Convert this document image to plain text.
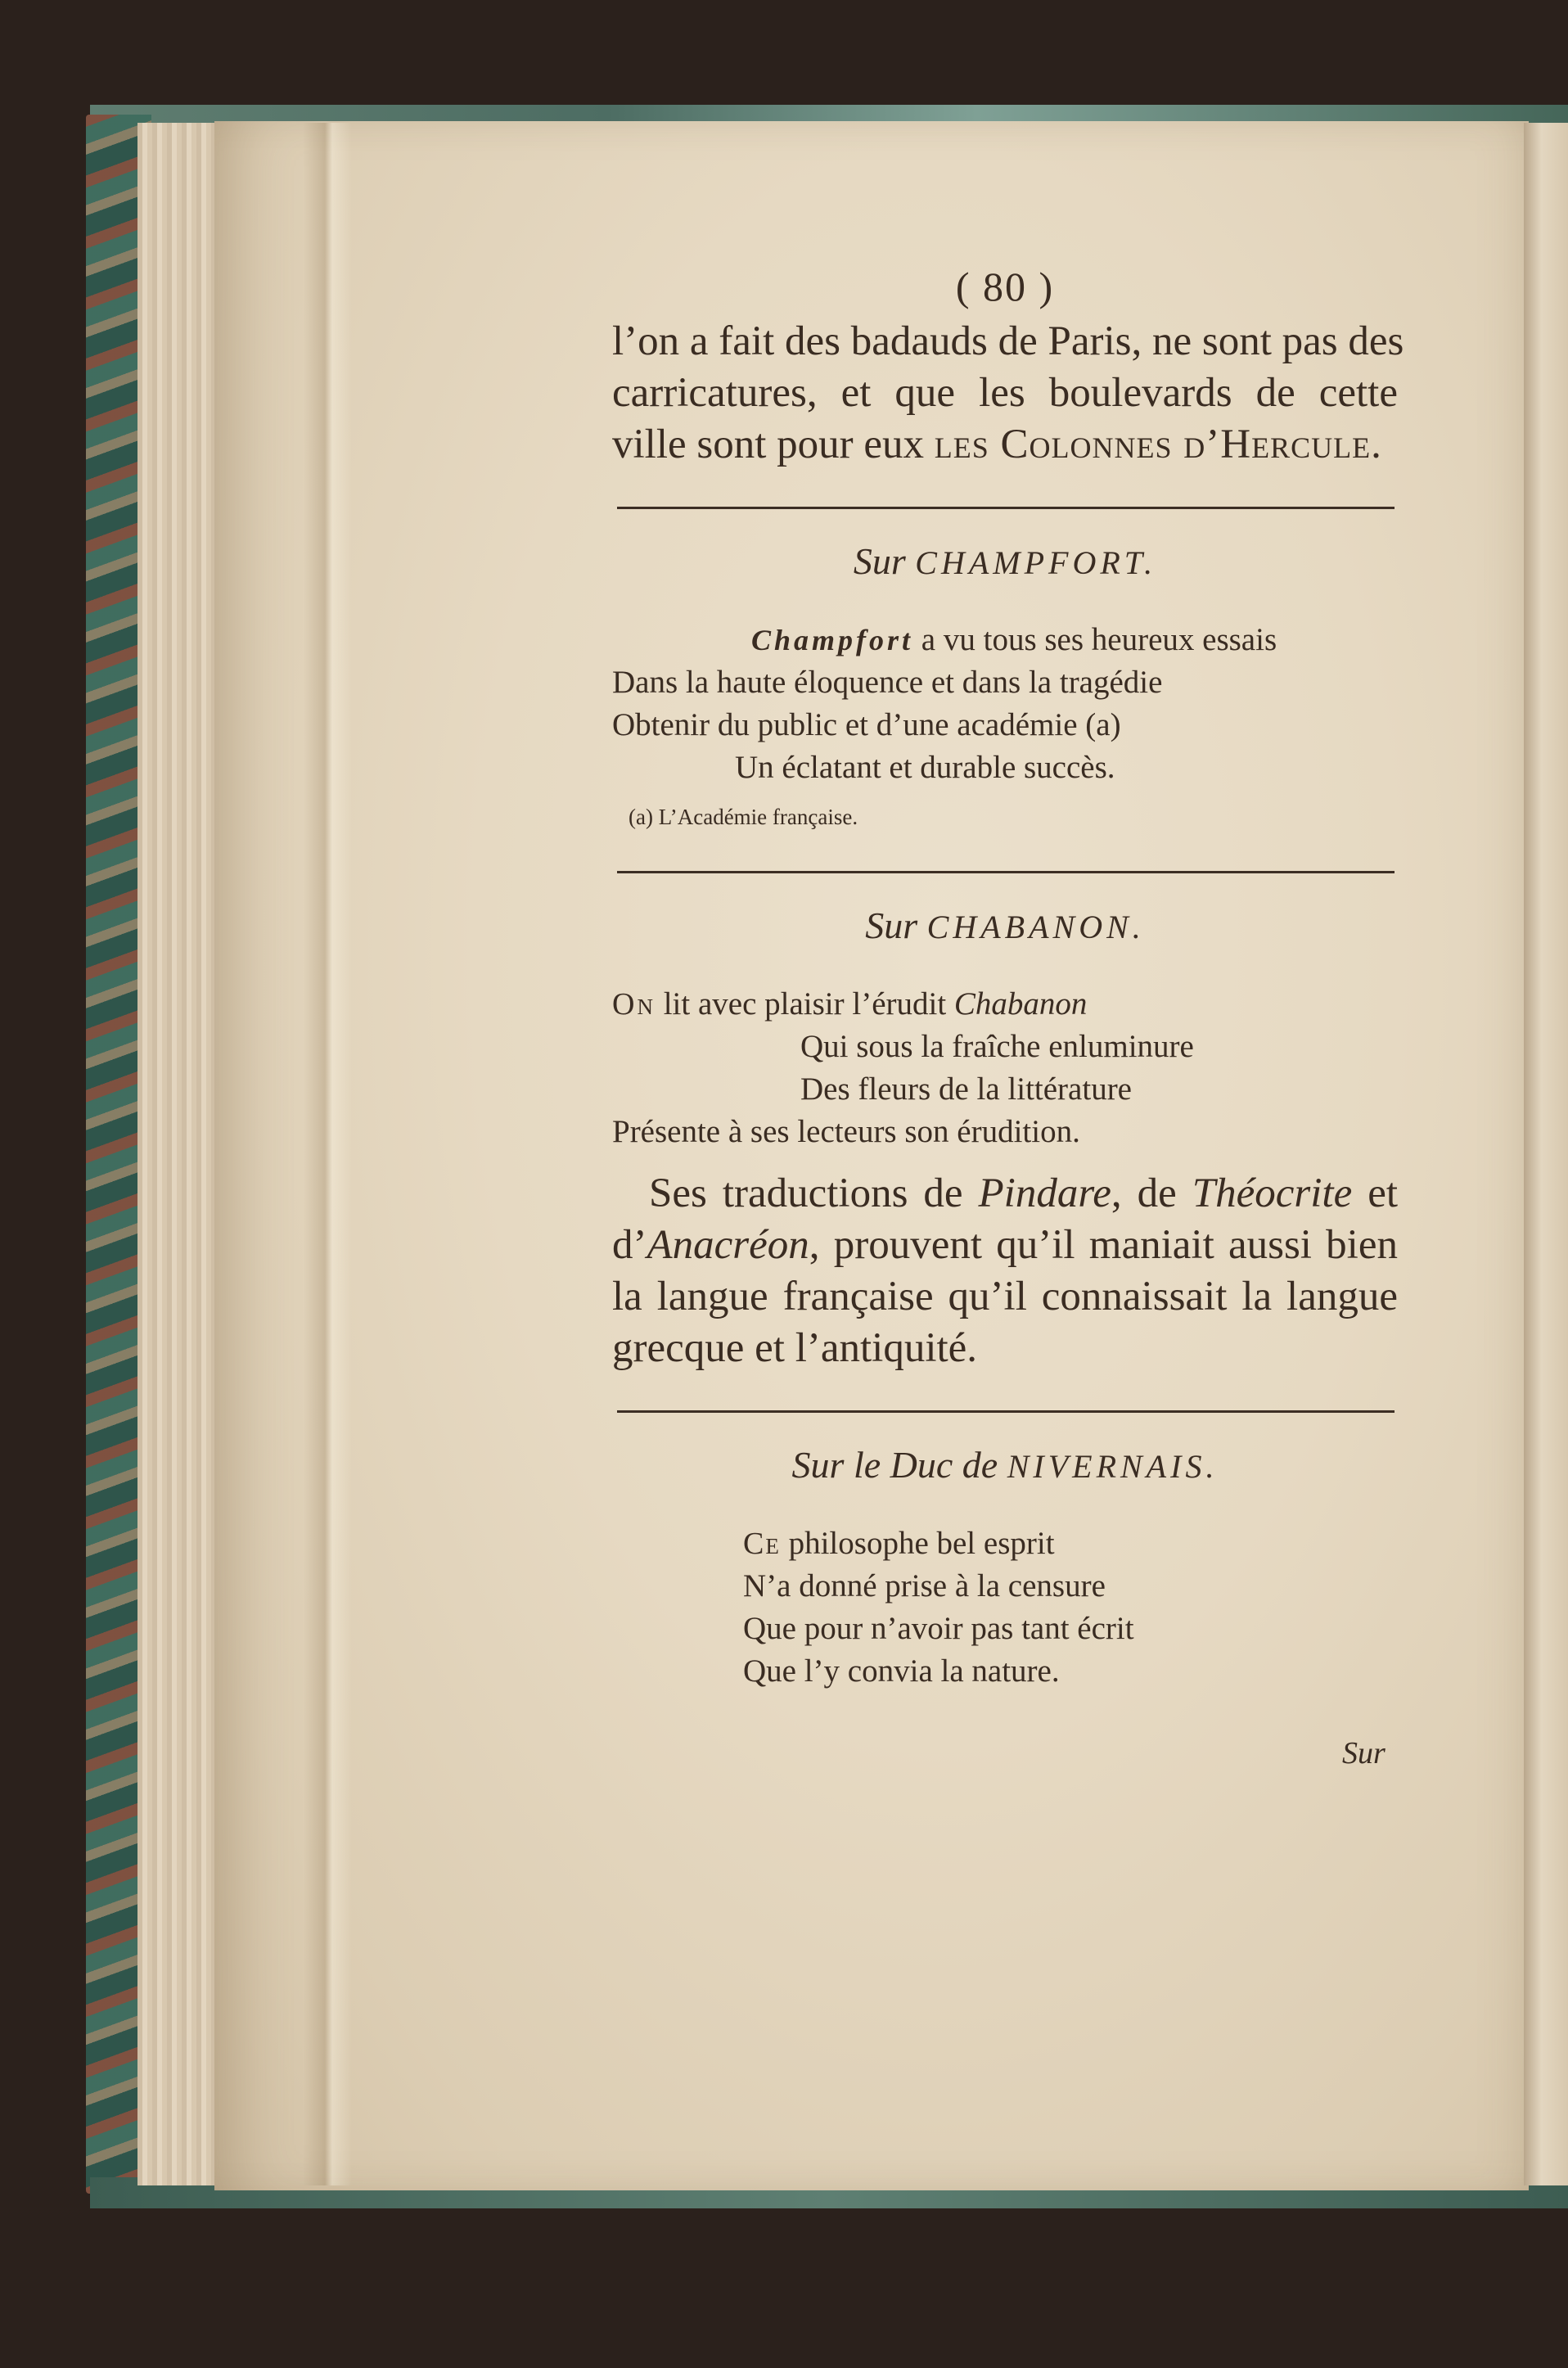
( 80 )

l’on a fait des badauds de Paris, ne sont pas des
carricatures, et que les boulevards de cette
ville sont pour eux les Colonnes d’Hercule.

Sur CHAMPFORT.
Champfort a vu tous ses heureux essais
Dans la haute éloquence et dans la tragédie
Obtenir du public et d’une académie (a)
Un éclatant et durable succès.
(a) L’Académie française.
Sur CHABANON.
On lit avec plaisir l’érudit Chabanon
Qui sous la fraîche enluminure
Des fleurs de la littérature
Présente à ses lecteurs son érudition.

Ses traductions de Pindare, de Théocrite et
d’Anacréon, prouvent qu’il maniait aussi bien
la langue française qu’il connaissait la langue
grecque et l’antiquité.

Sur le Duc de NIVERNAIS.
Ce philosophe bel esprit
N’a donné prise à la censure
Que pour n’avoir pas tant écrit
Que l’y convia la nature.
Sur
